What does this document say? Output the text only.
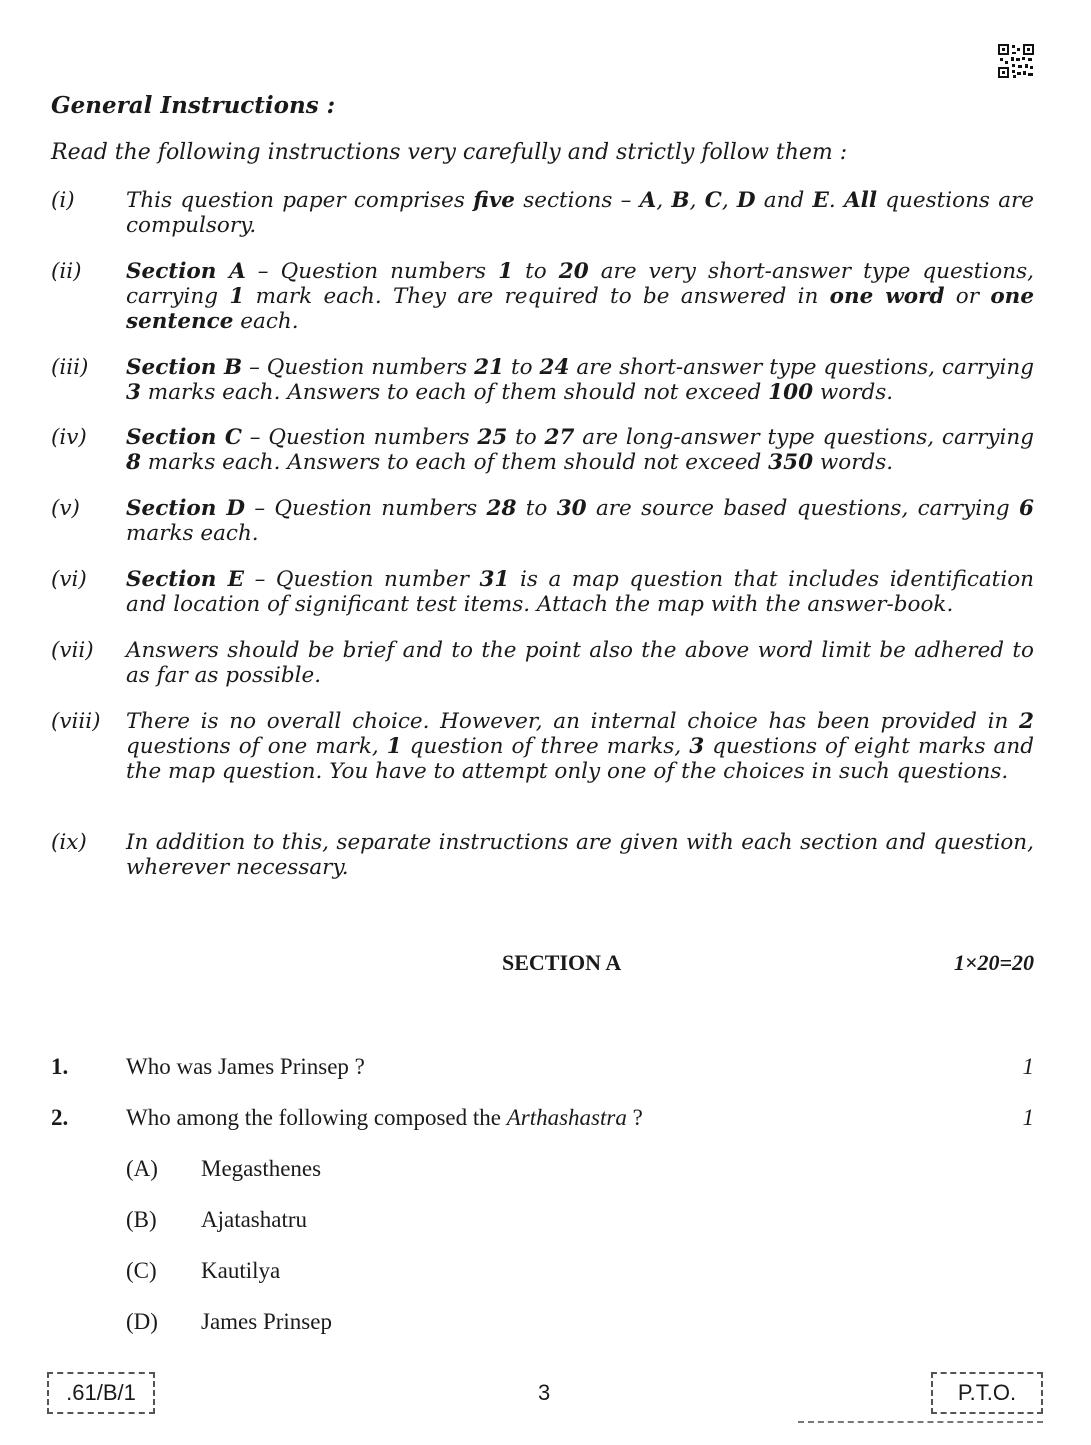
General Instructions :
Read the following instructions very carefully and strictly follow them :
(i) This question paper comprises five sections – A, B, C, D and E. All questions are compulsory.
(ii) Section A – Question numbers 1 to 20 are very short-answer type questions, carrying 1 mark each. They are required to be answered in one word or one sentence each.
(iii) Section B – Question numbers 21 to 24 are short-answer type questions, carrying 3 marks each. Answers to each of them should not exceed 100 words.
(iv) Section C – Question numbers 25 to 27 are long-answer type questions, carrying 8 marks each. Answers to each of them should not exceed 350 words.
(v) Section D – Question numbers 28 to 30 are source based questions, carrying 6 marks each.
(vi) Section E – Question number 31 is a map question that includes identification and location of significant test items. Attach the map with the answer-book.
(vii) Answers should be brief and to the point also the above word limit be adhered to as far as possible.
(viii) There is no overall choice. However, an internal choice has been provided in 2 questions of one mark, 1 question of three marks, 3 questions of eight marks and the map question. You have to attempt only one of the choices in such questions.
(ix) In addition to this, separate instructions are given with each section and question, wherever necessary.
SECTION A	1×20=20
1.	Who was James Prinsep ?	1
2.	Who among the following composed the Arthashastra ?	1
(A) Megasthenes
(B) Ajatashatru
(C) Kautilya
(D) James Prinsep
.61/B/1	3	P.T.O.
